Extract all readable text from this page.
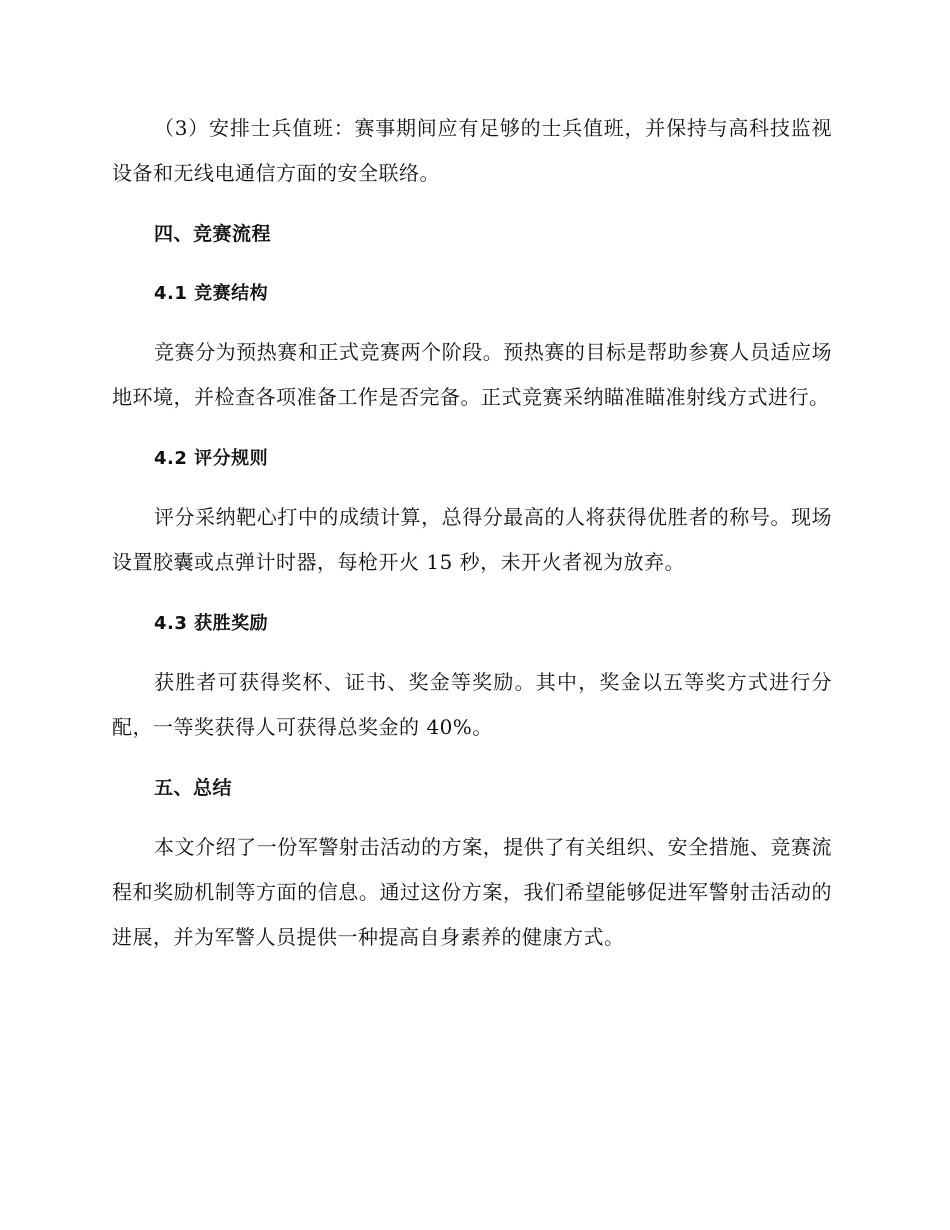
（3）安排士兵值班：赛事期间应有足够的士兵值班，并保持与高科技监视设备和无线电通信方面的安全联络。

四、竞赛流程

4.1 竞赛结构

竞赛分为预热赛和正式竞赛两个阶段。预热赛的目标是帮助参赛人员适应场地环境，并检查各项准备工作是否完备。正式竞赛采纳瞄准瞄准射线方式进行。

4.2 评分规则

评分采纳靶心打中的成绩计算，总得分最高的人将获得优胜者的称号。现场设置胶囊或点弹计时器，每枪开火 15 秒，未开火者视为放弃。

4.3 获胜奖励

获胜者可获得奖杯、证书、奖金等奖励。其中，奖金以五等奖方式进行分配，一等奖获得人可获得总奖金的 40%。

五、总结

本文介绍了一份军警射击活动的方案，提供了有关组织、安全措施、竞赛流程和奖励机制等方面的信息。通过这份方案，我们希望能够促进军警射击活动的进展，并为军警人员提供一种提高自身素养的健康方式。
